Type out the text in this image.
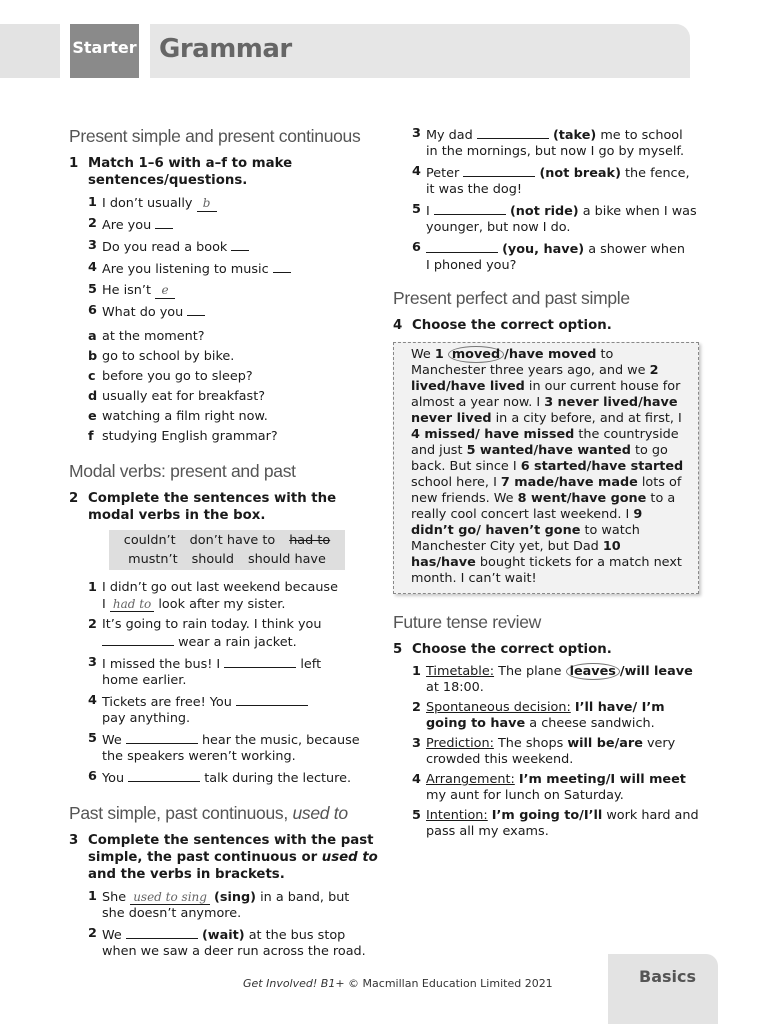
Starter Grammar
Present simple and present continuous
1 Match 1–6 with a–f to make sentences/questions.
1 I don’t usually b
2 Are you
3 Do you read a book
4 Are you listening to music
5 He isn’t e
6 What do you
a at the moment?
b go to school by bike.
c before you go to sleep?
d usually eat for breakfast?
e watching a film right now.
f studying English grammar?
Modal verbs: present and past
2 Complete the sentences with the modal verbs in the box.
couldn’t don’t have to had to
mustn’t should should have
1 I didn’t go out last weekend because
I had to look after my sister.
2 It’s going to rain today. I think you
wear a rain jacket.
3 I missed the bus! I	left
home earlier.
4 Tickets are free! You
pay anything.
5 We	hear the music, because
the speakers weren’t working.
6 You	talk during the lecture.
Past simple, past continuous, used to
3 Complete the sentences with the past simple, the past continuous or used to and the verbs in brackets.
1 She used to sing (sing) in a band, but
she doesn’t anymore.
2 We	(wait) at the bus stop
when we saw a deer run across the road.
3 My dad	(take) me to school
in the mornings, but now I go by myself.
4 Peter	(not break) the fence,
it was the dog!
5 I	(not ride) a bike when I was
younger, but now I do.
6	(you, have) a shower when
I phoned you?
Present perfect and past simple
4 Choose the correct option.
We 1 moved /have moved to Manchester three years ago, and we 2 lived/have lived in our current house for almost a year now. I 3 never lived/have never lived in a city before, and at first, I 4 missed/ have missed the countryside and just 5 wanted/have wanted to go back. But since I 6 started/have started school here, I 7 made/have made lots of new friends. We 8 went/have gone to a really cool concert last weekend. I 9 didn’t go/ haven’t gone to watch Manchester City yet, but Dad 10 has/have bought tickets for a match next month. I can’t wait!
Future tense review
5 Choose the correct option.
1 Timetable: The plane leaves /will leave
at 18:00.
2 Spontaneous decision: I’ll have/ I’m going to have a cheese sandwich.
3 Prediction: The shops will be/are very
crowded this weekend.
4 Arrangement: I’m meeting/I will meet
my aunt for lunch on Saturday.
5 Intention: I’m going to/I’ll work hard and
pass all my exams.
Get Involved! B1+ © Macmillan Education Limited 2021	Basics
